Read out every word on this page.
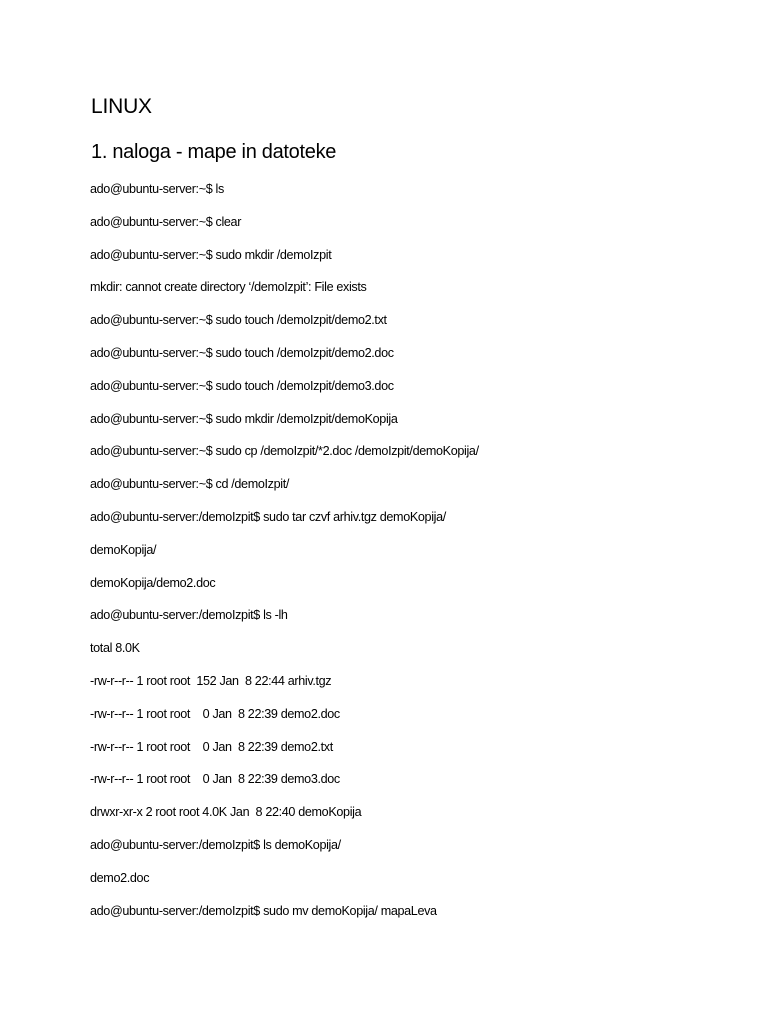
LINUX
1. naloga - mape in datoteke
ado@ubuntu-server:~$ ls
ado@ubuntu-server:~$ clear
ado@ubuntu-server:~$ sudo mkdir /demoIzpit
mkdir: cannot create directory ‘/demoIzpit’: File exists
ado@ubuntu-server:~$ sudo touch /demoIzpit/demo2.txt
ado@ubuntu-server:~$ sudo touch /demoIzpit/demo2.doc
ado@ubuntu-server:~$ sudo touch /demoIzpit/demo3.doc
ado@ubuntu-server:~$ sudo mkdir /demoIzpit/demoKopija
ado@ubuntu-server:~$ sudo cp /demoIzpit/*2.doc /demoIzpit/demoKopija/
ado@ubuntu-server:~$ cd /demoIzpit/
ado@ubuntu-server:/demoIzpit$ sudo tar czvf arhiv.tgz demoKopija/
demoKopija/
demoKopija/demo2.doc
ado@ubuntu-server:/demoIzpit$ ls -lh
total 8.0K
-rw-r--r-- 1 root root  152 Jan  8 22:44 arhiv.tgz
-rw-r--r-- 1 root root    0 Jan  8 22:39 demo2.doc
-rw-r--r-- 1 root root    0 Jan  8 22:39 demo2.txt
-rw-r--r-- 1 root root    0 Jan  8 22:39 demo3.doc
drwxr-xr-x 2 root root 4.0K Jan  8 22:40 demoKopija
ado@ubuntu-server:/demoIzpit$ ls demoKopija/
demo2.doc
ado@ubuntu-server:/demoIzpit$ sudo mv demoKopija/ mapaLeva
